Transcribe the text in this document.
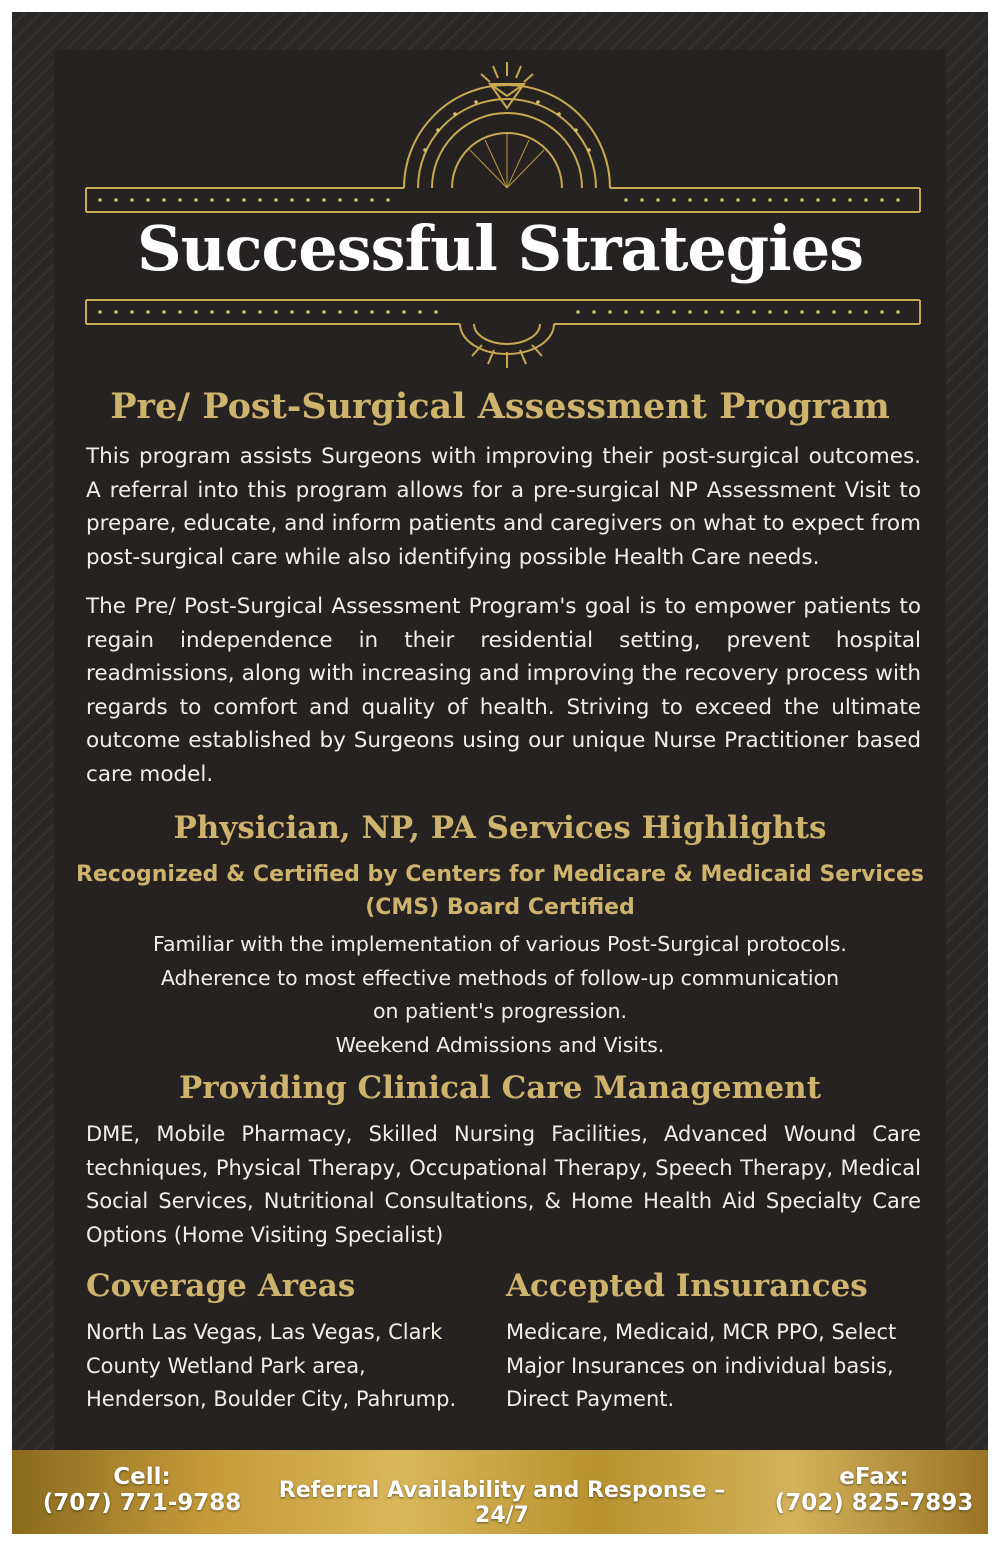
Successful Strategies
Pre/ Post-Surgical Assessment Program
This program assists Surgeons with improving their post-surgical outcomes. A referral into this program allows for a pre-surgical NP Assessment Visit to prepare, educate, and inform patients and caregivers on what to expect from post-surgical care while also identifying possible Health Care needs.
The Pre/ Post-Surgical Assessment Program's goal is to empower patients to regain independence in their residential setting, prevent hospital readmissions, along with increasing and improving the recovery process with regards to comfort and quality of health. Striving to exceed the ultimate outcome established by Surgeons using our unique Nurse Practitioner based care model.
Physician, NP, PA Services Highlights
Recognized & Certified by Centers for Medicare & Medicaid Services
(CMS) Board Certified
Familiar with the implementation of various Post-Surgical protocols.
Adherence to most effective methods of follow-up communication
on patient's progression.
Weekend Admissions and Visits.
Providing Clinical Care Management
DME, Mobile Pharmacy, Skilled Nursing Facilities, Advanced Wound Care techniques, Physical Therapy, Occupational Therapy, Speech Therapy, Medical Social Services, Nutritional Consultations, & Home Health Aid Specialty Care Options (Home Visiting Specialist)
Coverage Areas
North Las Vegas, Las Vegas, Clark
County Wetland Park area,
Henderson, Boulder City, Pahrump.
Accepted Insurances
Medicare, Medicaid, MCR PPO, Select
Major Insurances on individual basis,
Direct Payment.
Cell:
(707) 771-9788	Referral Availability and Response – 24/7
eFax:
(702) 825-7893
